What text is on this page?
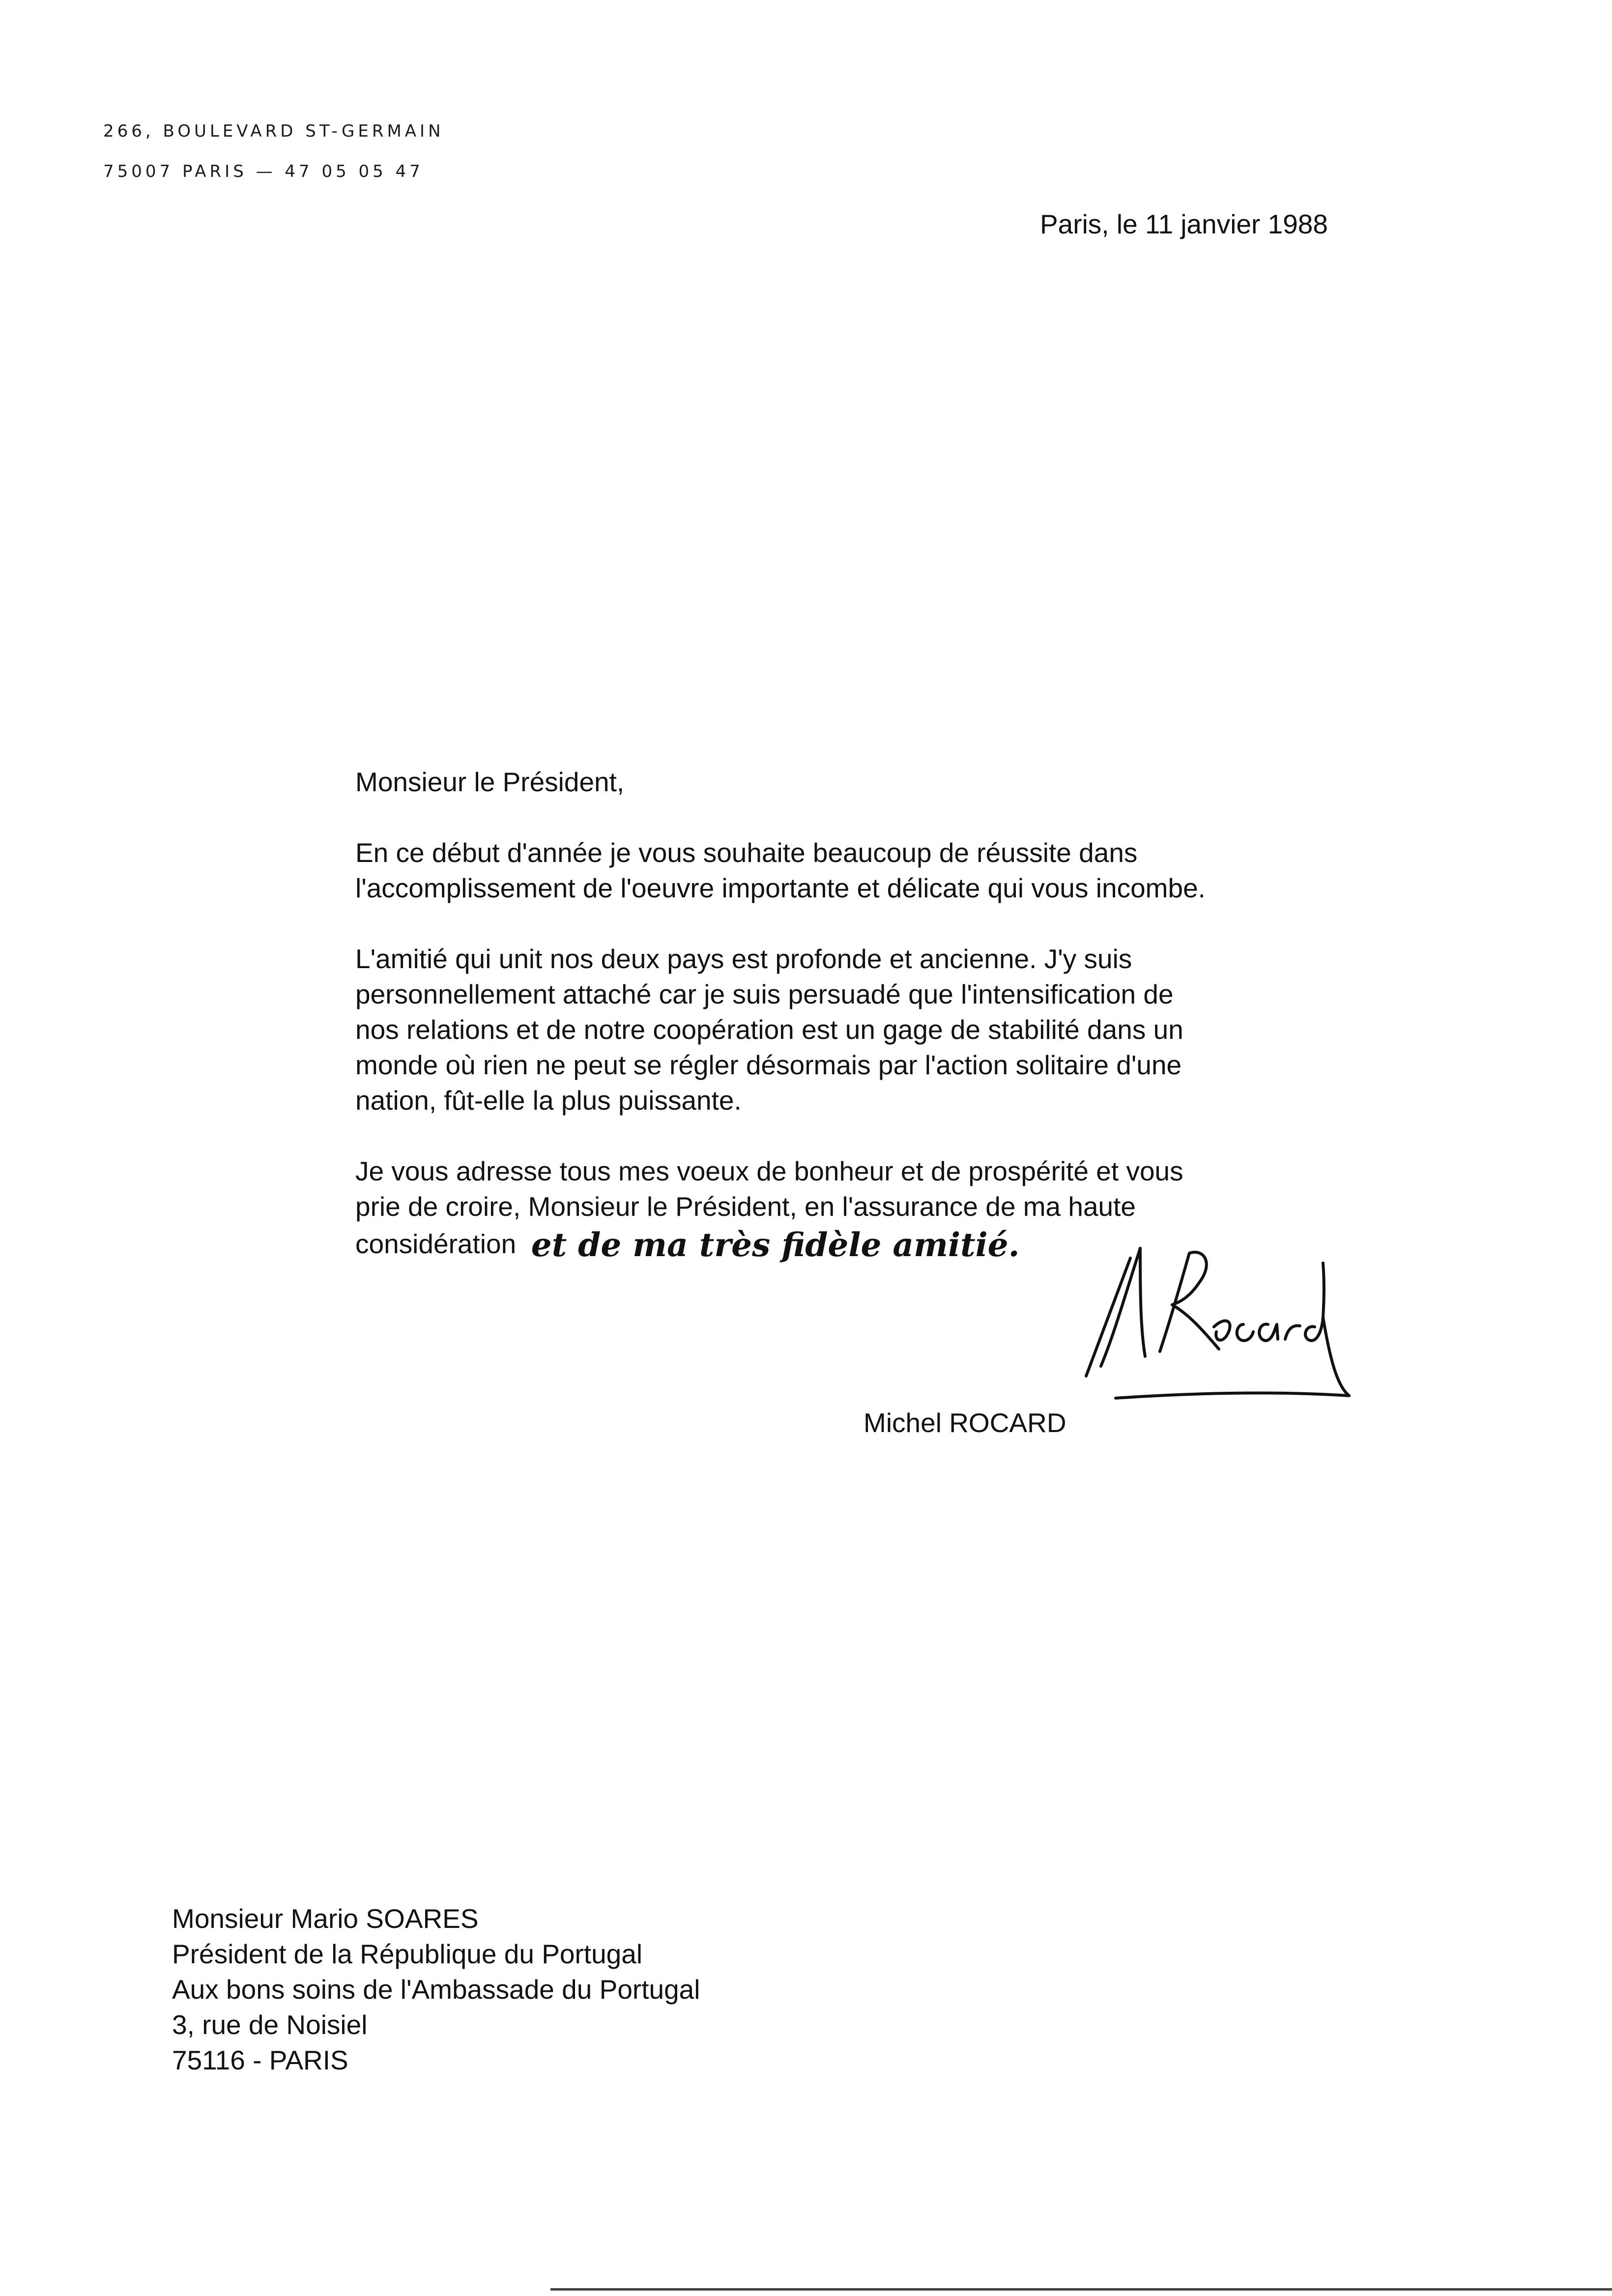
266, BOULEVARD ST-GERMAIN
75007 PARIS — 47 05 05 47
Paris, le 11 janvier 1988
Monsieur le Président,
En ce début d'année je vous souhaite beaucoup de réussite dans
l'accomplissement de l'oeuvre importante et délicate qui vous incombe.
L'amitié qui unit nos deux pays est profonde et ancienne. J'y suis
personnellement attaché car je suis persuadé que l'intensification de
nos relations et de notre coopération est un gage de stabilité dans un
monde où rien ne peut se régler désormais par l'action solitaire d'une
nation, fût-elle la plus puissante.
Je vous adresse tous mes voeux de bonheur et de prospérité et vous
prie de croire, Monsieur le Président, en l'assurance de ma haute
considération et de ma très fidèle amitié.
Michel ROCARD
Monsieur Mario SOARES
Président de la République du Portugal
Aux bons soins de l'Ambassade du Portugal
3, rue de Noisiel
75116 - PARIS
